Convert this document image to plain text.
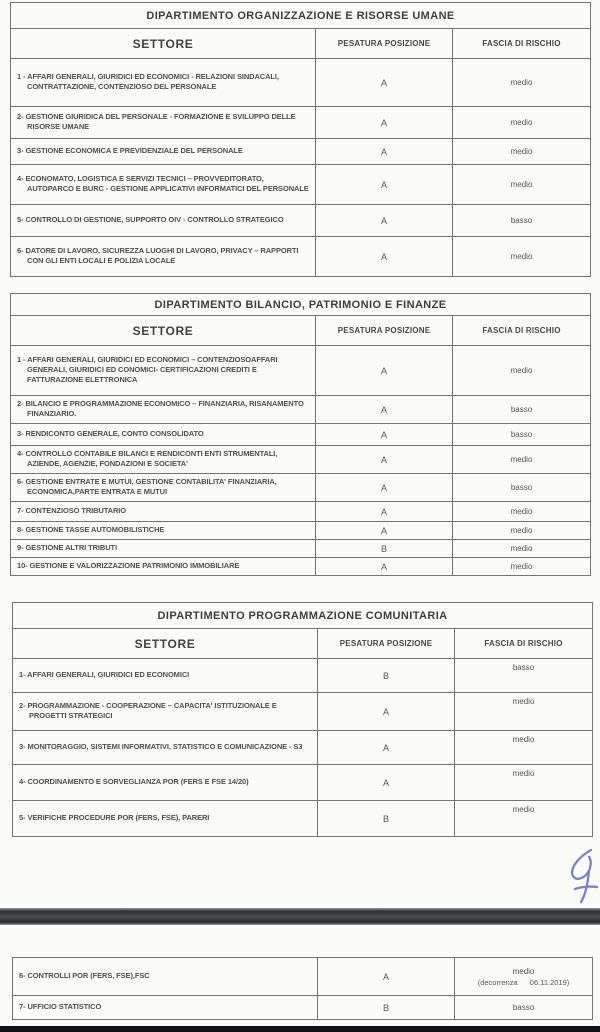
DIPARTIMENTO ORGANIZZAZIONE E RISORSE UMANE		
SETTORE	PESATURA POSIZIONE	FASCIA DI RISCHIO
1 - AFFARI GENERALI, GIURIDICI ED ECONOMICI - RELAZIONI SINDACALI, CONTRATTAZIONE, CONTENZIOSO DEL PERSONALE	A	medio
2- GESTIONE GIURIDICA DEL PERSONALE - FORMAZIONE E SVILUPPO DELLE RISORSE UMANE	A	medio
3- GESTIONE ECONOMICA E PREVIDENZIALE DEL PERSONALE	A	medio
4- ECONOMATO, LOGISTICA E SERVIZI TECNICI – PROVVEDITORATO, AUTOPARCO E BURC - GESTIONE APPLICATIVI INFORMATICI DEL PERSONALE	A	medio
5- CONTROLLO DI GESTIONE, SUPPORTO OIV - CONTROLLO STRATEGICO	A	basso
6- DATORE DI LAVORO, SICUREZZA LUOGHI DI LAVORO, PRIVACY – RAPPORTI CON GLI ENTI LOCALI E POLIZIA LOCALE	A	medio
DIPARTIMENTO BILANCIO, PATRIMONIO E FINANZE		
SETTORE	PESATURA POSIZIONE	FASCIA DI RISCHIO
1 - AFFARI GENERALI, GIURIDICI ED ECONOMICI – CONTENZIOSOAFFARI GENERALI, GIURIDICI ED CONOMICI- CERTIFICAZIONI CREDITI E FATTURAZIONE ELETTRONICA	A	medio
2- BILANCIO E PROGRAMMAZIONE ECONOMICO – FINANZIARIA, RISANAMENTO FINANZIARIO.	A	basso
3- RENDICONTO GENERALE, CONTO CONSOLIDATO	A	basso
4- CONTROLLO CONTABILE BILANCI E RENDICONTI ENTI STRUMENTALI, AZIENDE, AGENZIE, FONDAZIONI E SOCIETA'	A	medio
6- GESTIONE ENTRATE E MUTUI, GESTIONE CONTABILITA' FINANZIARIA, ECONOMICA,PARTE ENTRATA E MUTUI	A	basso
7- CONTENZIOSO TRIBUTARIO	A	medio
8- GESTIONE TASSE AUTOMOBILISTICHE	A	medio
9- GESTIONE ALTRI TRIBUTI	B	medio
10- GESTIONE E VALORIZZAZIONE PATRIMONIO IMMOBILIARE	A	medio
DIPARTIMENTO PROGRAMMAZIONE COMUNITARIA		
SETTORE	PESATURA POSIZIONE	FASCIA DI RISCHIO
1- AFFARI GENERALI, GIURIDICI ED ECONOMICI	B	basso
2- PROGRAMMAZIONE - COOPERAZIONE – CAPACITA' ISTITUZIONALE E PROGETTI STRATEGICI	A	medio
3- MONITORAGGIO, SISTEMI INFORMATIVI, STATISTICO E COMUNICAZIONE - S3	A	medio
4- COORDINAMENTO E SORVEGLIANZA POR (FERS E FSE 14/20)	A	medio
5- VERIFICHE PROCEDURE POR (FERS, FSE), PARERI	B	medio
6- CONTROLLI POR (FERS, FSE),FSC	A	medio
(decorrenza 06.11.2019)

7- UFFICIO STATISTICO	B	basso
